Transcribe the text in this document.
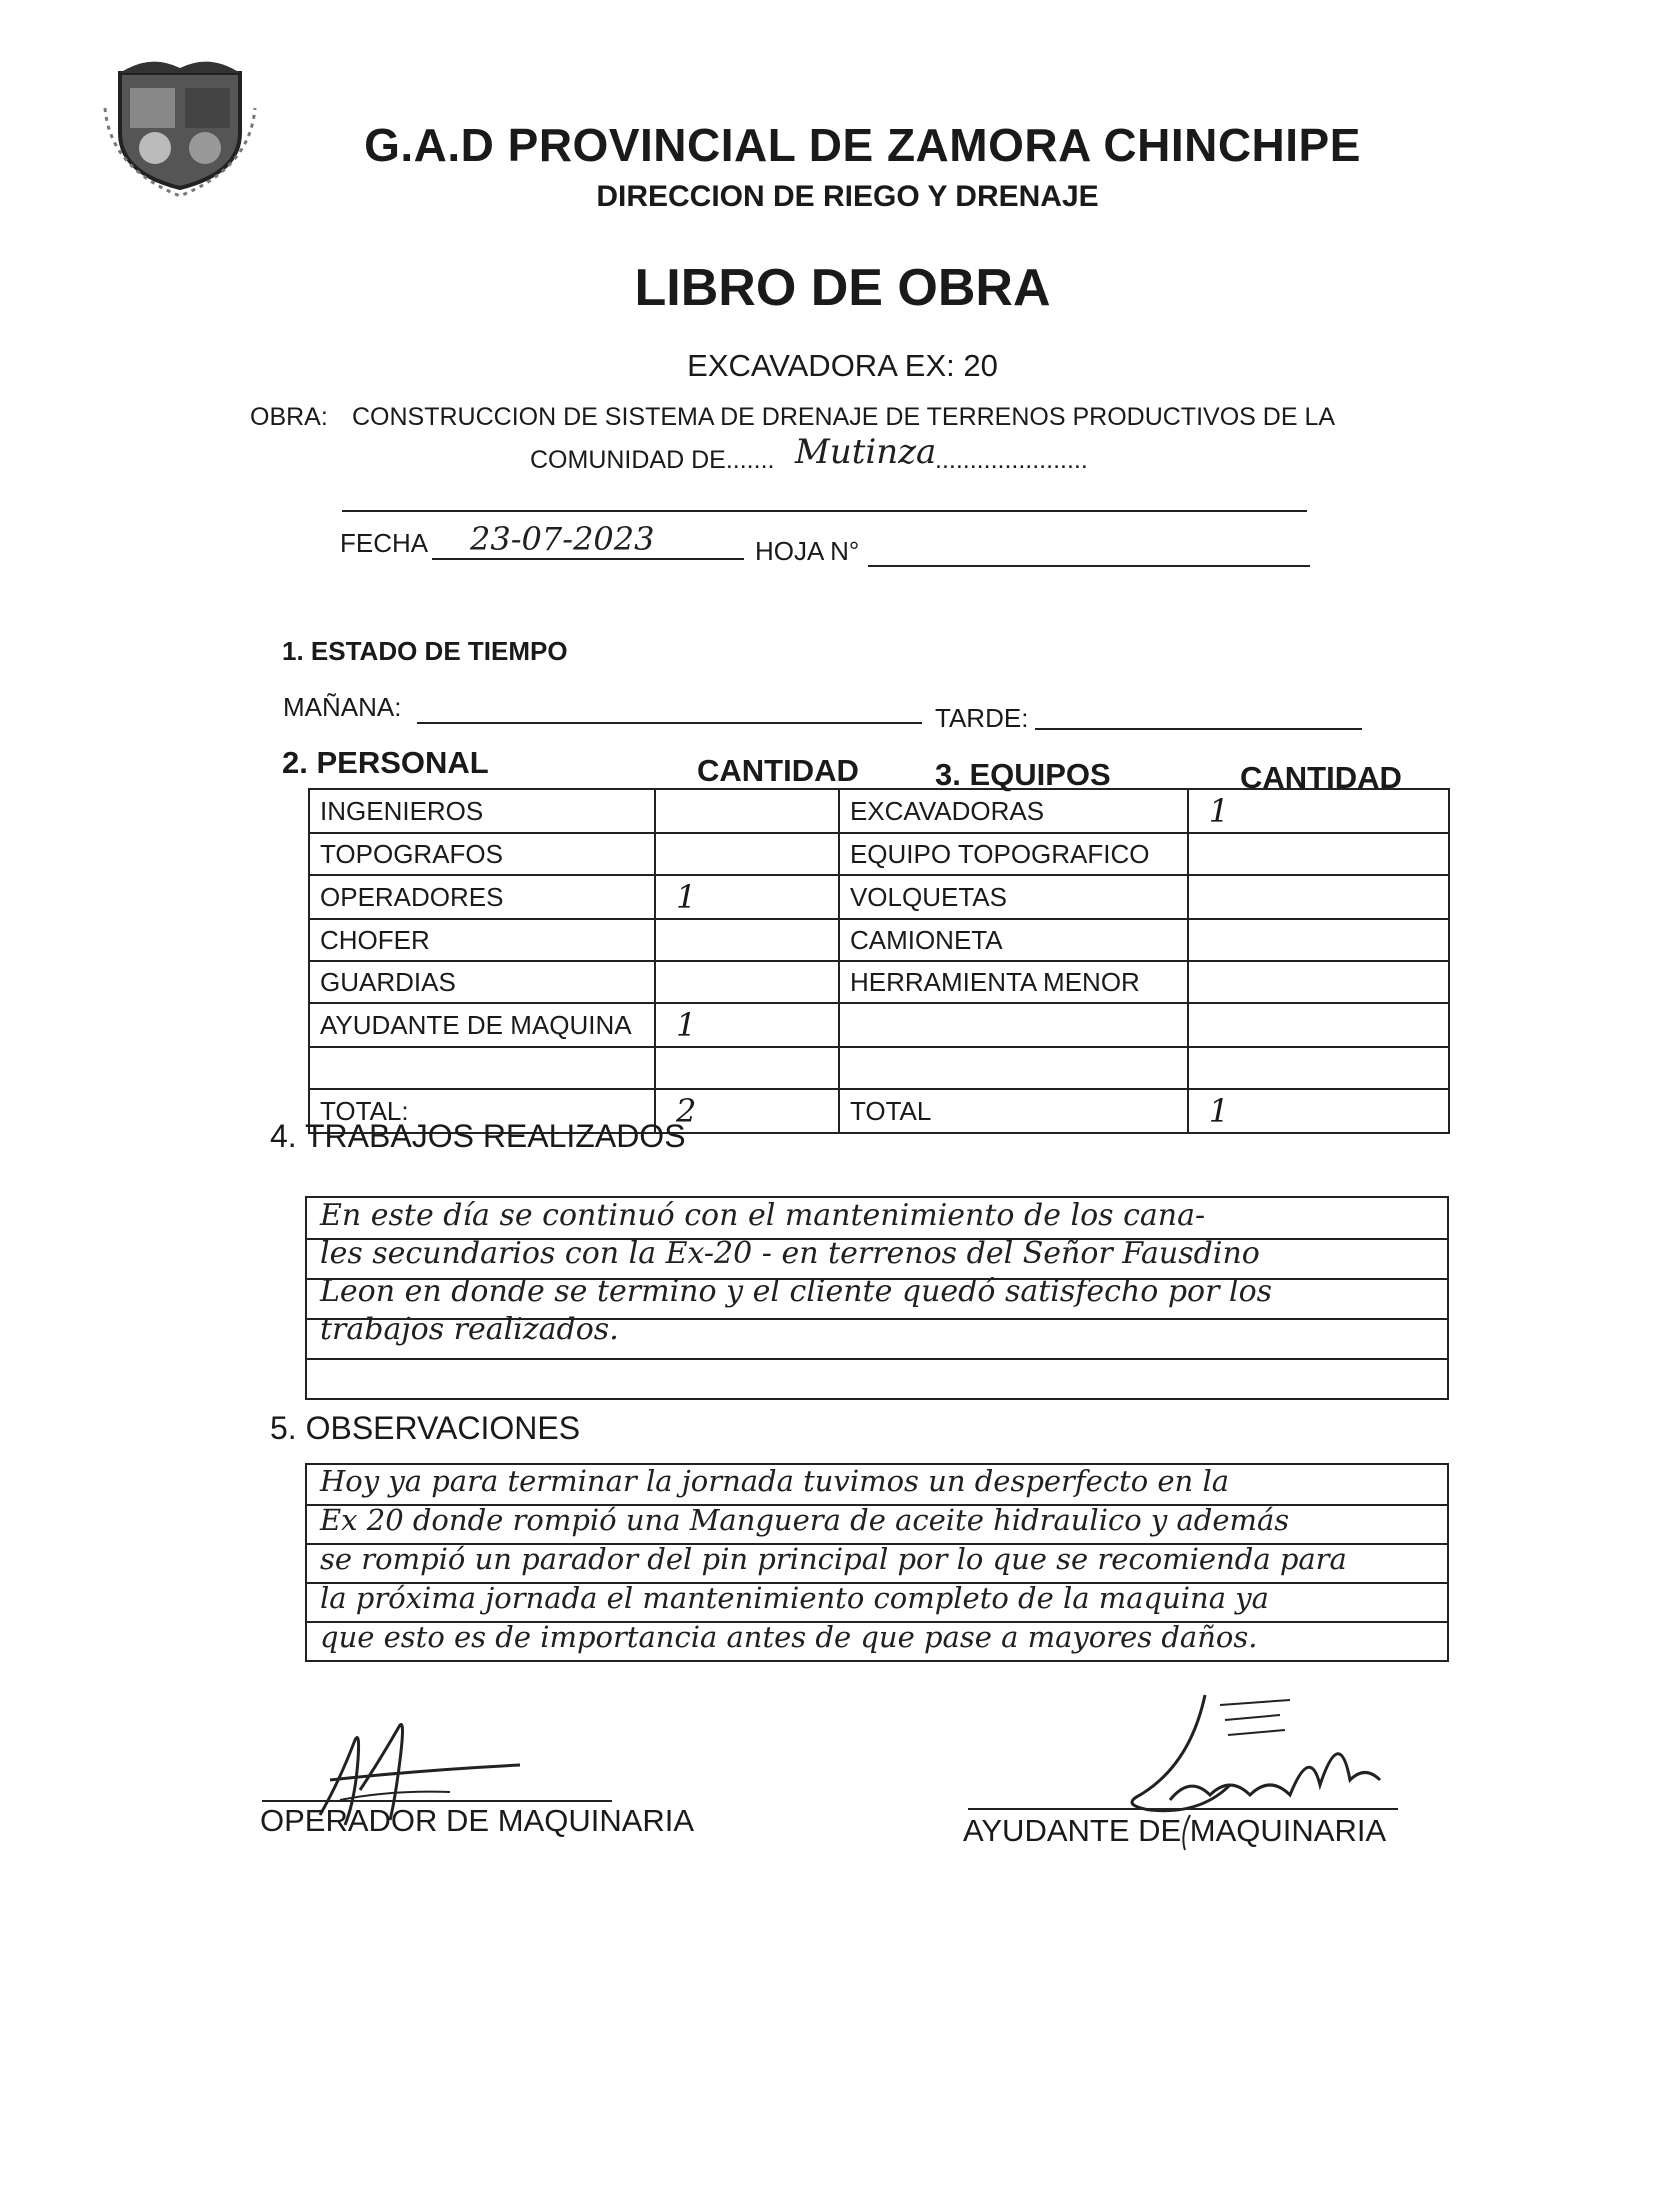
G.A.D PROVINCIAL DE ZAMORA CHINCHIPE
DIRECCION DE RIEGO Y DRENAJE
LIBRO DE OBRA
EXCAVADORA EX: 20
OBRA: CONSTRUCCION DE SISTEMA DE DRENAJE DE TERRENOS PRODUCTIVOS DE LA
COMUNIDAD DE....... Mutinza
......................
FECHA 23-07-2023	HOJA N°
1. ESTADO DE TIEMPO
MAÑANA:	TARDE:
2. PERSONAL	CANTIDAD 3. EQUIPOS	CANTIDAD
INGENIEROS		EXCAVADORAS	1
TOPOGRAFOS		EQUIPO TOPOGRAFICO	
OPERADORES	1	VOLQUETAS	
CHOFER		CAMIONETA	
GUARDIAS		HERRAMIENTA MENOR	
AYUDANTE DE MAQUINA	1		

TOTAL:	2	TOTAL	1
4. TRABAJOS REALIZADOS
En este día se continuó con el mantenimiento de los cana-
les secundarios con la Ex-20 - en terrenos del Señor Fausdino
Leon en donde se termino y el cliente quedó satisfecho por los
trabajos realizados.
5. OBSERVACIONES
Hoy ya para terminar la jornada tuvimos un desperfecto en la
Ex 20 donde rompió una Manguera de aceite hidraulico y además
se rompió un parador del pin principal por lo que se recomienda para
la próxima jornada el mantenimiento completo de la maquina ya
que esto es de importancia antes de que pase a mayores daños.
OPERADOR DE MAQUINARIA	AYUDANTE DE MAQUINARIA
